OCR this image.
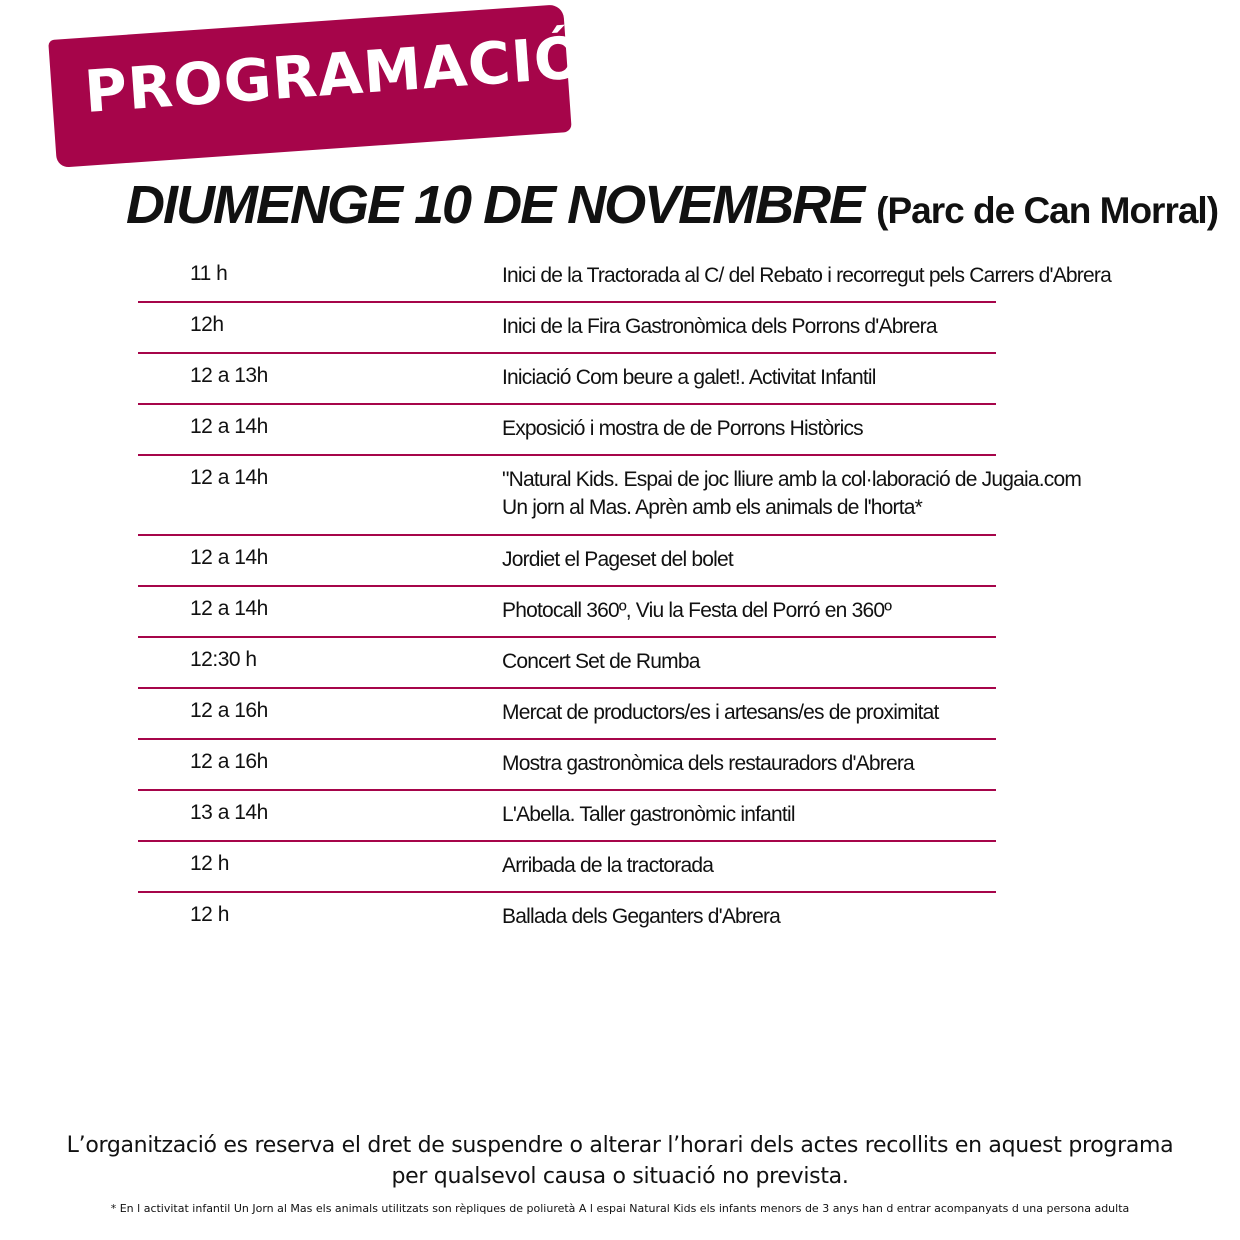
PROGRAMACIÓ
DIUMENGE 10 DE NOVEMBRE (Parc de Can Morral)
11 h	Inici de la Tractorada al C/ del Rebato i recorregut pels Carrers d'Abrera
12h	Inici de la Fira Gastronòmica dels Porrons d'Abrera
12 a 13h	Iniciació Com beure a galet!. Activitat Infantil
12 a 14h	Exposició i mostra de de Porrons Històrics
12 a 14h	"Natural Kids. Espai de joc lliure amb la col·laboració de Jugaia.com
Un jorn al Mas. Aprèn amb els animals de l'horta*
12 a 14h	Jordiet el Pageset del bolet
12 a 14h	Photocall 360º, Viu la Festa del Porró en 360º
12:30 h	Concert Set de Rumba
12 a 16h	Mercat de productors/es i artesans/es de proximitat
12 a 16h	Mostra gastronòmica dels restauradors d'Abrera
13 a 14h	L'Abella. Taller gastronòmic infantil
12 h	Arribada de la tractorada
12 h	Ballada dels Geganters d'Abrera
L’organització es reserva el dret de suspendre o alterar l’horari dels actes recollits en aquest programa
per qualsevol causa o situació no prevista.
* En l activitat infantil Un Jorn al Mas els animals utilitzats son rèpliques de poliuretà A l espai Natural Kids els infants menors de 3 anys han d entrar acompanyats d una persona adulta
